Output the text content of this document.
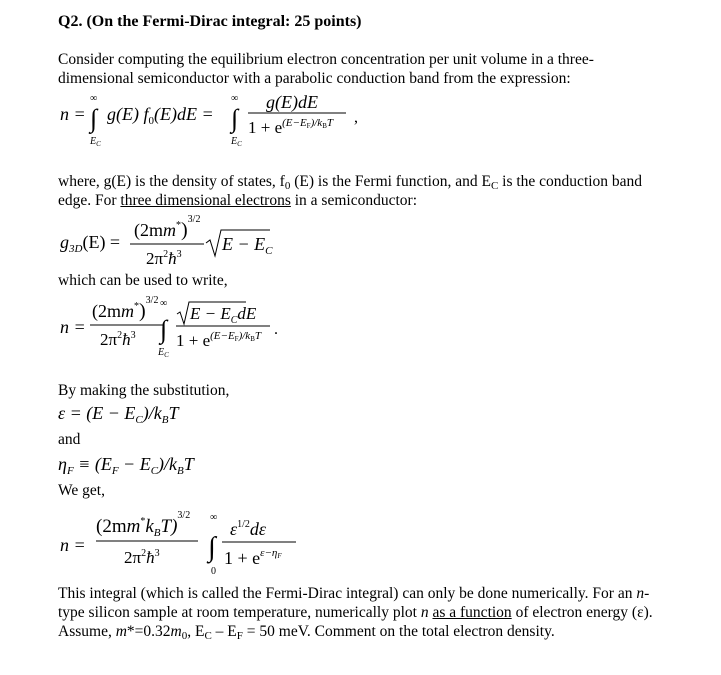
Q2. (On the Fermi-Dirac integral: 25 points)
Consider computing the equilibrium electron concentration per unit volume in a three-
dimensional semiconductor with a parabolic conduction band from the expression:
n =
∞
∫
$E_C$
g(E) $f_0(E)dE$ =
∞
∫
$E_C$
g(E)dE
$1 + e^{(E-E}F$)/kBT ,
where, g(E) is the density of states, $f_0$ (E) is the Fermi function, and $E_C$ is the conduction band
edge. For three dimensional electrons in a semiconductor:
$g_{3D}(E)$ =
$(2mm^*)^{3/2}$
$2\pi^2ħ^3$
$E - E_C$
which can be used to write,
n =
$(2mm^*)^{3/2}$
$2\pi^2ħ^3$
∞
∫
$E_C$
$E - E_CdE$
$1 + e^{(E-E}F$)/kBT .
By making the substitution,
$\varepsilon = (E - E_C)/k_BT$
and
$\eta_F \equiv (E_F - E_C)/k_BT$
We get,
n =
$(2mm^*k_BT)^{3/2}$
$2\pi^2ħ^3$
∞
∫
0
$\varepsilon^{1/2}d\varepsilon$
$1 + e^{\varepsilon-\eta}F$
This integral (which is called the Fermi-Dirac integral) can only be done numerically. For an n-
type silicon sample at room temperature, numerically plot n as a function of electron energy (ε).
Assume, $m*=0.32m_0$, $E_C - E_F = 50$ meV. Comment on the total electron density.
